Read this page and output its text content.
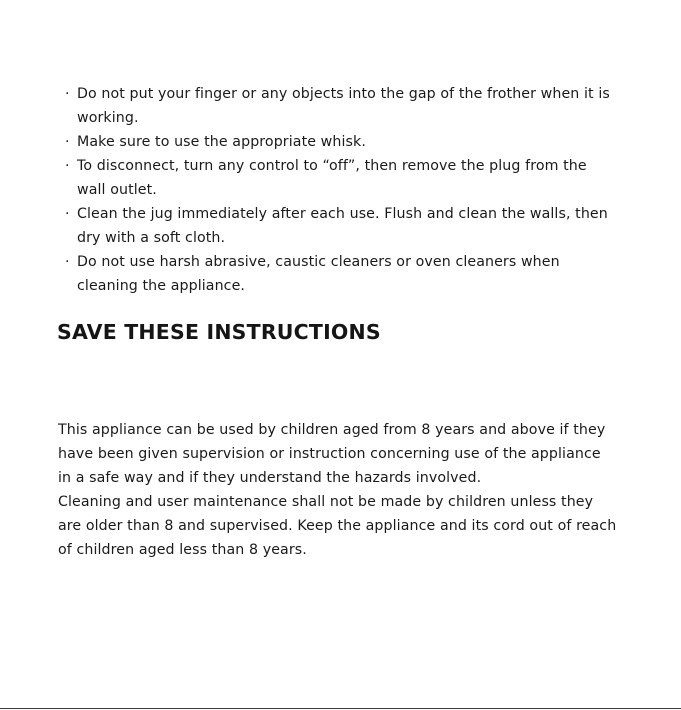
· Do not put your finger or any objects into the gap of the frother when it is working.
· Make sure to use the appropriate whisk.
· To disconnect, turn any control to “off”, then remove the plug from the wall outlet.
· Clean the jug immediately after each use. Flush and clean the walls, then dry with a soft cloth.
· Do not use harsh abrasive, caustic cleaners or oven cleaners when cleaning the appliance.
SAVE THESE INSTRUCTIONS

This appliance can be used by children aged from 8 years and above if they have been given supervision or instruction concerning use of the appliance in a safe way and if they understand the hazards involved.

Cleaning and user maintenance shall not be made by children unless they are older than 8 and supervised. Keep the appliance and its cord out of reach of children aged less than 8 years.
